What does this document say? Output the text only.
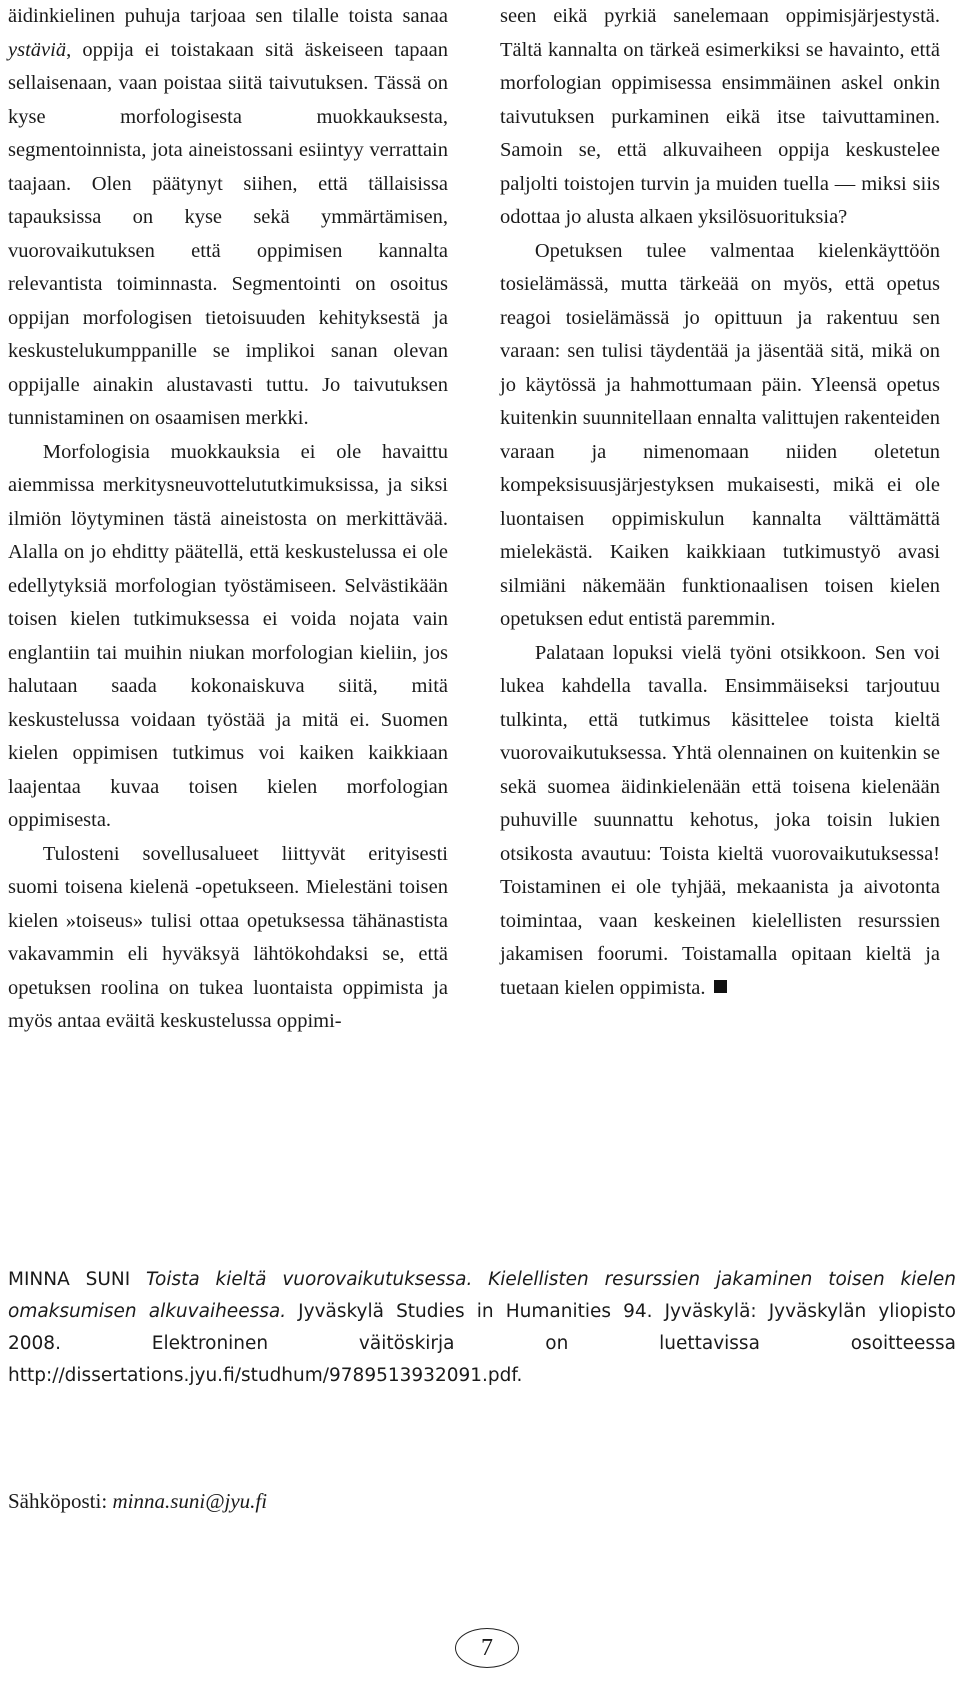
äidinkielinen puhuja tarjoaa sen tilalle toista sanaa ystäviä, oppija ei toistakaan sitä äskeiseen tapaan sellaisenaan, vaan poistaa siitä taivutuksen. Tässä on kyse morfologisesta muokkauksesta, segmentoinnista, jota aineistossani esiintyy verrattain taajaan. Olen päätynyt siihen, että tällaisissa tapauksissa on kyse sekä ymmärtämisen, vuorovaikutuksen että oppimisen kannalta relevantista toiminnasta. Segmentointi on osoitus oppijan morfologisen tietoisuuden kehityksestä ja keskustelukumppanille se implikoi sanan olevan oppijalle ainakin alustavasti tuttu. Jo taivutuksen tunnistaminen on osaamisen merkki.

Morfologisia muokkauksia ei ole havaittu aiemmissa merkitysneuvottelututkimuksissa, ja siksi ilmiön löytyminen tästä aineistosta on merkittävää. Alalla on jo ehditty päätellä, että keskustelussa ei ole edellytyksiä morfologian työstämiseen. Selvästikään toisen kielen tutkimuksessa ei voida nojata vain englantiin tai muihin niukan morfologian kieliin, jos halutaan saada kokonaiskuva siitä, mitä keskustelussa voidaan työstää ja mitä ei. Suomen kielen oppimisen tutkimus voi kaiken kaikkiaan laajentaa kuvaa toisen kielen morfologian oppimisesta.

Tulosteni sovellusalueet liittyvät erityisesti suomi toisena kielenä -opetukseen. Mielestäni toisen kielen »toiseus» tulisi ottaa opetuksessa tähänastista vakavammin eli hyväksyä lähtökohdaksi se, että opetuksen roolina on tukea luontaista oppimista ja myös antaa eväitä keskustelussa oppimi-

seen eikä pyrkiä sanelemaan oppimisjärjestystä. Tältä kannalta on tärkeä esimerkiksi se havainto, että morfologian oppimisessa ensimmäinen askel onkin taivutuksen purkaminen eikä itse taivuttaminen. Samoin se, että alkuvaiheen oppija keskustelee paljolti toistojen turvin ja muiden tuella — miksi siis odottaa jo alusta alkaen yksilösuorituksia?

Opetuksen tulee valmentaa kielenkäyttöön tosielämässä, mutta tärkeää on myös, että opetus reagoi tosielämässä jo opittuun ja rakentuu sen varaan: sen tulisi täydentää ja jäsentää sitä, mikä on jo käytössä ja hahmottumaan päin. Yleensä opetus kuitenkin suunnitellaan ennalta valittujen rakenteiden varaan ja nimenomaan niiden oletetun kompeksisuusjärjestyksen mukaisesti, mikä ei ole luontaisen oppimiskulun kannalta välttämättä mielekästä. Kaiken kaikkiaan tutkimustyö avasi silmiäni näkemään funktionaalisen toisen kielen opetuksen edut entistä paremmin.

Palataan lopuksi vielä työni otsikkoon. Sen voi lukea kahdella tavalla. Ensimmäiseksi tarjoutuu tulkinta, että tutkimus käsittelee toista kieltä vuorovaikutuksessa. Yhtä olennainen on kuitenkin se sekä suomea äidinkielenään että toisena kielenään puhuville suunnattu kehotus, joka toisin lukien otsikosta avautuu: Toista kieltä vuorovaikutuksessa! Toistaminen ei ole tyhjää, mekaanista ja aivotonta toimintaa, vaan keskeinen kielellisten resurssien jakamisen foorumi. Toistamalla opitaan kieltä ja tuetaan kielen oppimista.

MINNA SUNI Toista kieltä vuorovaikutuksessa. Kielellisten resurssien jakaminen toisen kielen omaksumisen alkuvaiheessa. Jyväskylä Studies in Humanities 94. Jyväskylä: Jyväskylän yliopisto 2008. Elektroninen väitöskirja on luettavissa osoitteessa http://dissertations.jyu.fi/studhum/9789513932091.pdf.
Sähköposti: minna.suni@jyu.fi
7
